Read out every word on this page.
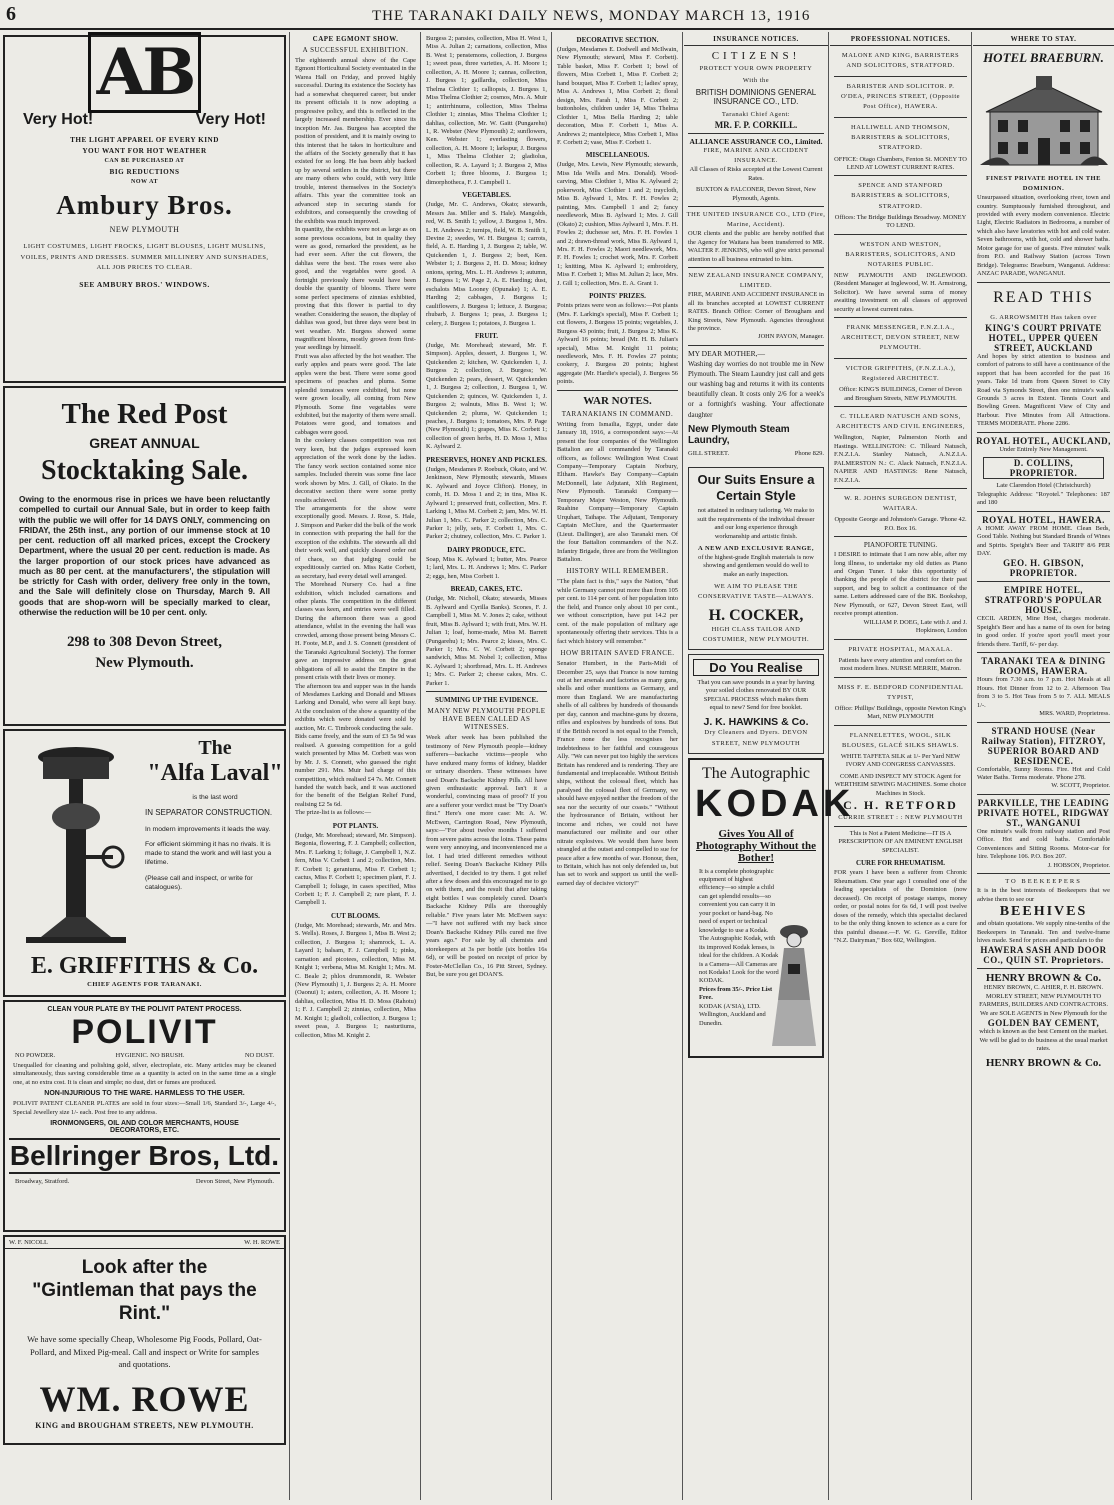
6	THE TARANAKI DAILY NEWS, MONDAY MARCH 13, 1916
AB
Very Hot!	Very Hot!
THE LIGHT APPAREL OF EVERY KIND
YOU WANT FOR HOT WEATHER
CAN BE PURCHASED AT
BIG REDUCTIONS
NOW AT
Ambury Bros.
NEW PLYMOUTH
LIGHT COSTUMES, LIGHT FROCKS, LIGHT BLOUSES, LIGHT MUSLINS, VOILES, PRINTS AND DRESSES. SUMMER MILLINERY AND SUNSHADES, ALL JOB PRICES TO CLEAR.
SEE AMBURY BROS.' WINDOWS.
The Red Post
GREAT ANNUAL
Stocktaking Sale.
Owing to the enormous rise in prices we have been reluctantly compelled to curtail our Annual Sale, but in order to keep faith with the public we will offer for 14 DAYS ONLY, commencing on FRIDAY, the 25th inst., any portion of our immense stock at 10 per cent. reduction off all marked prices, except the Crockery Department, where the usual 20 per cent. reduction is made. As the larger proportion of our stock prices have advanced as much as 80 per cent. at the manufacturers', the stipulation will be strictly for Cash with order, delivery free only in the town, and the Sale will definitely close on Thursday, March 9. All goods that are shop-worn will be specially marked to clear, otherwise the reduction will be 10 per cent. only.
298 to 308 Devon Street,
New Plymouth.
The
"Alfa Laval"
is the last word
IN SEPARATOR CONSTRUCTION.
In modern improvements it leads the way.
For efficient skimming it has no rivals. It is made to stand the work and will last you a lifetime.
(Please call and inspect, or write for catalogues).
E. GRIFFITHS & Co.
CHIEF AGENTS FOR TARANAKI.
CLEAN YOUR PLATE BY THE POLIVIT PATENT PROCESS.
POLIVIT
NO POWDER.	HYGIENIC. NO BRUSH.	NO DUST.
Unequalled for cleaning and polishing gold, silver, electroplate, etc. Many articles may be cleaned simultaneously, thus saving considerable time as a quantity is acted on in the same time as a single one, at no extra cost. It is clean and simple; no dust, dirt or fumes are produced.
NON-INJURIOUS TO THE WARE. HARMLESS TO THE USER.
POLIVIT PATENT CLEANER PLATES are sold in four sizes:—Small 1/6, Standard 3/-, Large 4/-, Special Jewellery size 1/- each. Post free to any address.
IRONMONGERS, OIL AND COLOR MERCHANTS, HOUSE DECORATORS, ETC.
Bellringer Bros, Ltd.
Broadway, Stratford.	Devon Street, New Plymouth.
W. F. NICOLL	W. H. ROWE
Look after the
"Gintleman that pays the Rint."
We have some specially Cheap, Wholesome Pig Foods, Pollard, Oat-Pollard, and Mixed Pig-meal. Call and inspect or Write for samples and quotations.
WM. ROWE
KING and BROUGHAM STREETS, NEW PLYMOUTH.
CAPE EGMONT SHOW.
A SUCCESSFUL EXHIBITION.
The eighteenth annual show of the Cape Egmont Horticultural Society eventuated in the Warea Hall on Friday, and proved highly successful. During its existence the Society has had a somewhat chequered career, but under its present officials it is now adopting a progressive policy, and this is reflected in the largely increased membership. Ever since its inception Mr. Jas. Burgess has accepted the position of president, and it is mainly owing to this interest that he takes in horticulture and the affairs of the Society generally that it has existed for so long. He has been ably backed up by several settlers in the district, but there are many others who could, with very little trouble, interest themselves in the Society's affairs. This year the committee took an advanced step in securing stands for exhibitors, and consequently the crowding of the exhibits was much improved.
In quantity, the exhibits were not as large as on some previous occasions, but in quality they were as good, remarked the president, as he had ever seen. After the cut flowers, the dahlias were the best. The roses were also good, and the vegetables were good. A fortnight previously there would have been double the quantity of blooms. There were some perfect specimens of zinnias exhibited, proving that this flower is partial to dry weather. Considering the season, the display of dahlias was good, but three days were best in wet weather. Mr. Burgess showed some magnificent blooms, mostly grown from first-year seedlings by himself.
Fruit was also affected by the hot weather. The early apples and pears were good. The late apples were the best. There were some good specimens of peaches and plums. Some splendid tomatoes were exhibited, but none were grown locally, all coming from New Plymouth. Some fine vegetables were exhibited, but the majority of them were small. Potatoes were good, and tomatoes and cabbages were good.
In the cookery classes competition was not very keen, but the judges expressed keen appreciation of the work done by the ladies. The fancy work section contained some nice samples. Included therein was some fine lace work shown by Mrs. J. Gill, of Okato. In the decorative section there were some pretty results achieved.
The arrangements for the show were exceptionally good. Messrs. J. Rose, S. Hale, J. Simpson and Parker did the bulk of the work in connection with preparing the hall for the exception of the exhibits. The stewards all did their work well, and quickly cleared order out of chaos, so that judging could be expeditiously carried on. Miss Katie Corbett, as secretary, had every detail well arranged.
The Morehead Nursery Co. had a fine exhibition, which included carnations and other plants. The competition in the different classes was keen, and entries were well filled. During the afternoon there was a good attendance, whilst in the evening the hall was crowded, among those present being Messrs C. H. Foote, M.P., and J. S. Connett (president of the Taranaki Agricultural Society). The former gave an impressive address on the great obligations of all to assist the Empire in the present crisis with their lives or money.
The afternoon tea and supper was in the hands of Mesdames Larking and Donald and Misses Larking and Donald, who were all kept busy. At the conclusion of the show a quantity of the exhibits which were donated were sold by auction, Mr. C. Timbrook conducting the sale.
Bids came freely, and the sum of £3 5s 9d was realised. A guessing competition for a gold watch presented by Miss M. Corbett was won by Mr. J. S. Connett, who guessed the right number 291. Mrs. Muir had charge of this competition, which realised £4 7s. Mr. Connett handed the watch back, and it was auctioned for the benefit of the Belgian Relief Fund, realising £2 5s 6d.
The prize-list is as follows:—
POT PLANTS.
(Judge, Mr. Morehead; steward, Mr. Simpson). Begonia, flowering, F. J. Campbell; collection, Mrs. F. Larking 1; foliage, J. Campbell 1, N.Z. fern, Miss V. Corbett 1 and 2; collection, Mrs. F. Corbett 1; geraniums, Miss F. Corbett 1; cactus, Miss F. Corbett 1; specimen plant, F. J. Campbell 1; foliage, in cases specified, Miss Corbett 1; F. J. Campbell 2; rare plant, F. J. Campbell 1.
CUT BLOOMS.
(Judge, Mr. Morehead; stewards, Mr. and Mrs. S. Wells). Roses, J. Burgess 1, Miss B. West 2; collection, J. Burgess 1; shamrock, L. A. Layard 1; balsam, F. J. Campbell 1; pinks, carnation and picotees, collection, Miss M. Knight 1; verbena, Miss M. Knight 1; Mrs. M. C. Beale 2; phlox drummondii, R. Webster (New Plymouth) 1, J. Burgess 2; A. H. Moore (Oaonui) 1; asters, collection, A. H. Moore 1; dahlias, collection, Miss H. D. Moss (Rahotu) 1; F. J. Campbell 2; zinnias, collection, Miss M. Knight 1; gladioli, collection, J. Burgess 1; sweet peas, J. Burgess 1; nasturtiums, collection, Miss M. Knight 2.
Burgess 2; pansies, collection, Miss H. West 1, Miss A. Julian 2; carnations, collection, Miss B. West 1; penstemons, collection, J. Burgess 1; sweet peas, three varieties, A. H. Moore 1; collection, A. H. Moore 1; cannas, collection, J. Burgess 1; gaillardia, collection, Miss Thelma Clothier 1; calliopsis, J. Burgess 1, Miss Thelma Clothier 2; cosmos, Mrs. A. Muir 1; antirrhinums, collection, Miss Thelma Clothier 1; zinnias, Miss Thelma Clothier 1; dahlias, collection, Mr. W. Gaitt (Pungarehu) 1, R. Webster (New Plymouth) 2; sunflowers, Ken. Webster 1; everlasting flowers, collection, A. H. Moore 1; larkspur, J. Burgess 1, Miss Thelma Clothier 2; gladiolus, collection, R. A. Layard 1; J. Burgess 2, Miss Corbett 1; three blooms, J. Burgess 1; dimorphotheca, F. J. Campbell 1.
VEGETABLES.
(Judge, Mr. C. Andrews, Okato; stewards, Messrs Jas. Miller and S. Hale). Mangolds, red, W. B. Smith 1; yellow, J. Burgess 1, Mrs. L. H. Andrews 2; turnips, field, W. B. Smith 1, Devine 2; swedes, W. H. Burgess 1; carrots, field, A. E. Harding 1, J. Burgess 2; table, W. Quickenden 1, J. Burgess 2; beet, Ken. Webster 1; J. Burgess 2, H. D. Moss; kidney onions, spring, Mrs. L. H. Andrews 1; autumn, J. Burgess 1; W. Page 2, A. E. Harding; dust, eschalots Miss Looney (Opunake) 1; A. E. Harding 2; cabbages, J. Burgess 1; cauliflowers, J. Burgess 1; lettuce, J. Burgess; rhubarb, J. Burgess 1; peas, J. Burgess 1; celery, J. Burgess 1; potatoes, J. Burgess 1.
FRUIT.
(Judge, Mr. Morehead; steward, Mr. F. Simpson). Apples, dessert, J. Burgess 1, W. Quickenden 2; kitchen, W. Quickenden 1, J. Burgess 2; collection, J. Burgess; W. Quickenden 2; pears, dessert, W. Quickenden 1, J. Burgess 2; collection, J. Burgess 1, W. Quickenden 2; quinces, W. Quickenden 1, J. Burgess 2; walnuts, Miss B. West 1; W. Quickenden 2; plums, W. Quickenden 1; peaches, J. Burgess 1; tomatoes, Mrs. P. Page (New Plymouth) 1; grapes, Miss K. Corbett 1; collection of green herbs, H. D. Moss 1, Miss K. Aylward 2.
PRESERVES, HONEY AND PICKLES.
(Judges, Mesdames P. Roebuck, Okato, and W. Jenkinson, New Plymouth; stewards, Misses K. Aylward and Joyce Clifton). Honey, in comb, H. D. Moss 1 and 2; in tins, Miss K. Aylward 1; preserved fruit, collection, Mrs. F. Larking 1, Miss M. Corbett 2; jam, Mrs. W. H. Julian 1, Mrs. C. Parker 2; collection, Mrs. C. Parker 1; jelly, sets, F. Corbett 1, Mrs. C. Parker 2; chutney, collection, Mrs. C. Parker 1.
DAIRY PRODUCE, ETC.
Soap, Miss K. Aylward 1; butter, Mrs. Pearce 1; lard, Mrs. L. H. Andrews 1; Mrs. C. Parker 2; eggs, hen, Miss Corbett 1.
BREAD, CAKES, ETC.
(Judge, Mr. Nicholl, Okato; stewards, Misses B. Aylward and Cyrilla Banks). Scones, F. J. Campbell 1, Miss M. V. Jones 2; cake, without fruit, Miss B. Aylward 1; with fruit, Mrs. W. H. Julian 1; loaf, home-made, Miss M. Barrett (Pungarehu) 1; Mrs. Pearce 2; kisses, Mrs. C. Parker 1; Mrs. C. W. Corbett 2; sponge sandwich, Miss M. Nobel 1; collection, Miss K. Aylward 1; shortbread, Mrs. L. H. Andrews 1; Mrs. C. Parker 2; cheese cakes, Mrs. C. Parker 1.
SUMMING UP THE EVIDENCE.
MANY NEW PLYMOUTH PEOPLE HAVE BEEN CALLED AS WITNESSES.
Week after week has been published the testimony of New Plymouth people—kidney sufferers—backache victims—people who have endured many forms of kidney, bladder or urinary disorders. These witnesses have used Doan's Backache Kidney Pills. All have given enthusiastic approval. Isn't it a wonderful, convincing mass of proof? If you are a sufferer your verdict must be "Try Doan's first." Here's one more case: Mr. A. W. McEwen, Carrington Road, New Plymouth, says:—"For about twelve months I suffered from severe pains across the loins. These pains were very annoying, and inconvenienced me a lot. I had tried different remedies without relief. Seeing Doan's Backache Kidney Pills advertised, I decided to try them. I got relief after a few doses and this encouraged me to go on with them, and the result that after taking eight bottles I was completely cured. Doan's Backache Kidney Pills are thoroughly reliable." Five years later Mr. McEwen says:—"I have not suffered with my back since Doan's Backache Kidney Pills cured me five years ago." For sale by all chemists and storekeepers at 3s per bottle (six bottles 16s 6d), or will be posted on receipt of price by Foster-McClellan Co., 16 Pitt Street, Sydney. But, be sure you get DOAN'S.
DECORATIVE SECTION.
(Judges, Mesdames E. Dodwell and McIlwain, New Plymouth; steward, Miss F. Corbett). Table basket, Miss F. Corbett 1; bowl of flowers, Miss Corbett 1, Miss F. Corbett 2; hand bouquet, Miss F. Corbett 1; ladies' spray, Miss A. Andrews 1, Miss Corbett 2; floral design, Mrs. Farah 1, Miss F. Corbett 2; buttonholes, children under 14, Miss Thelma Clothier 1, Miss Bella Harding 2; table decoration, Miss F. Corbett 1, Miss A. Andrews 2; mantelpiece, Miss Corbett 1, Miss F. Corbett 2; vase, Miss F. Corbett 1.
MISCELLANEOUS.
(Judge, Mrs. Lewis, New Plymouth; stewards, Miss Ida Wells and Mrs. Donald). Wood-carving, Miss Clothier 1, Miss K. Aylward 2; pokerwork, Miss Clothier 1 and 2; traycloth, Miss B. Aylward 1, Mrs. F. H. Fowles 2; painting, Mrs. Campbell 1 and 2; fancy needlework, Miss B. Aylward 1; Mrs. J. Gill (Okato) 2; cushion, Miss Aylward 1, Mrs. F. H. Fowles 2; duchesse set, Mrs. F. H. Fowles 1 and 2; drawn-thread work, Miss B. Aylward 1, Mrs. F. H. Fowles 2; Maori needlework, Mrs. F. H. Fowles 1; crochet work, Mrs. F. Corbett 1; knitting, Miss K. Aylward 1; embroidery, Miss F. Corbett 1; Miss M. Julian 2; lace, Mrs. J. Gill 1; collection, Mrs. E. A. Grant 1.
POINTS' PRIZES.
Points prizes were won as follows:—Pot plants (Mrs. F. Larking's special), Miss F. Corbett 1; cut flowers, J. Burgess 15 points; vegetables, J. Burgess 43 points; fruit, J. Burgess 2; Miss K. Aylward 16 points; bread (Mr. H. B. Julian's special), Miss M. Knight 11 points; needlework, Mrs. F. H. Fowles 27 points; cookery, J. Burgess 20 points; highest aggregate (Mr. Hardie's special), J. Burgess 56 points.
WAR NOTES.
TARANAKIANS IN COMMAND.
Writing from Ismailia, Egypt, under date January 18, 1916, a correspondent says:—At present the four companies of the Wellington Battalion are all commanded by Taranaki officers, as follows: Wellington West Coast Company—Temporary Captain Norbury, Eltham. Hawke's Bay Company—Captain McDonnell, late Adjutant, Xlth Regiment, New Plymouth. Taranaki Company—Temporary Major Weston, New Plymouth. Ruahine Company—Temporary Captain Urquhart, Taihape. The Adjutant, Temporary Captain McClure, and the Quartermaster (Lieut. Dallinger), are also Taranaki men. Of the four Battalion commanders of the N.Z. Infantry Brigade, three are from the Wellington Battalion.
HISTORY WILL REMEMBER.
"The plain fact is this," says the Nation, "that while Germany cannot put more than from 105 per cent. to 114 per cent. of her population into the field, and France only about 10 per cent., we without conscription, have put 14.2 per cent. of the male population of military age spontaneously offering their services. This is a fact which history will remember."
HOW BRITAIN SAVED FRANCE.
Senator Humbert, in the Paris-Midi of December 25, says that France is now turning out at her arsenals and factories as many guns, shells and other munitions as Germany, and more than England. We are manufacturing shells of all calibres by hundreds of thousands per day, cannon and machine-guns by dozens, rifles and explosives by hundreds of tons. But if the British record is not equal to the French, France none the less recognises her indebtedness to her faithful and courageous Ally. "We can never put too highly the services Britain has rendered and is rendering. They are fundamental and irreplaceable. Without British ships, without the colossal fleet, which has paralysed the colossal fleet of Germany, we should have enjoyed neither the freedom of the sea nor the security of our coasts." "Without the hydrosurance of Britain, without her income and riches, we could not have manufactured our mélinite and our other nitrate explosives. We would then have been strangled at the outset and compelled to sue for peace after a few months of war. Honour, then, to Britain, which has not only defended us, but has set to work and support us until the well-earned day of decisive victory!"
INSURANCE NOTICES.
CITIZENS!
PROTECT YOUR OWN PROPERTY
With the
BRITISH DOMINIONS GENERAL INSURANCE CO., LTD.
Taranaki Chief Agent:
MR. F. P. CORKILL.
ALLIANCE ASSURANCE CO., Limited.
FIRE, MARINE AND ACCIDENT INSURANCE.
All Classes of Risks accepted at the Lowest Current Rates.
BUXTON & FALCONER, Devon Street, New Plymouth, Agents.
THE UNITED INSURANCE CO., LTD (Fire, Marine, Accident).
OUR clients and the public are hereby notified that the Agency for Waitara has been transferred to MR. WALTER F. JENKINS, who will give strict personal attention to all business entrusted to him.
NEW ZEALAND INSURANCE COMPANY, LIMITED.
FIRE, MARINE AND ACCIDENT INSURANCE in all its branches accepted at LOWEST CURRENT RATES. Branch Office: Corner of Brougham and King Streets, New Plymouth. Agencies throughout the province.
JOHN PAYON, Manager.
MY DEAR MOTHER,—
Washing day worries do not trouble me in New Plymouth. The Steam Laundry just call and gets our washing bag and returns it with its contents beautifully clean. It costs only 2/6 for a week's or a fortnight's washing. Your affectionate daughter
New Plymouth Steam Laundry,
GILL STREET.	Phone 829.
Our Suits Ensure a Certain Style
not attained in ordinary tailoring. We make to suit the requirements of the individual dresser and our long experience through workmanship and artistic finish.
A NEW AND EXCLUSIVE RANGE,
of the highest-grade English materials is now showing and gentlemen would do well to make an early inspection.
WE AIM TO PLEASE THE CONSERVATIVE TASTE—ALWAYS.
H. COCKER,
HIGH CLASS TAILOR AND COSTUMIER, NEW PLYMOUTH.
Do You Realise
That you can save pounds in a year by having your soiled clothes renovated BY OUR SPECIAL PROCESS which makes them equal to new? Send for free booklet.
J. K. HAWKINS & Co.
Dry Cleaners and Dyers. DEVON STREET, NEW PLYMOUTH
The Autographic
KODAK
Gives You All of Photography Without the Bother!
It is a complete photographic equipment of highest efficiency—so simple a child can get splendid results—so convenient you can carry it in your pocket or hand-bag. No need of expert or technical knowledge to use a Kodak. The Autographic Kodak, with its improved Kodak lenses, is ideal for the children. A Kodak is a Camera—All Cameras are not Kodaks! Look for the word KODAK.
Prices from 35/-. Price List Free.
KODAK (A'SIA), LTD. Wellington, Auckland and Dunedin.
PROFESSIONAL NOTICES.
MALONE AND KING, BARRISTERS AND SOLICITORS, STRATFORD.
BARRISTER AND SOLICITOR. P. O'DEA, PRINCES STREET, (Opposite Post Office), HAWERA.
HALLIWELL AND THOMSON, BARRISTERS & SOLICITORS, STRATFORD.
OFFICE: Otago Chambers, Fenton St. MONEY TO LEND AT LOWEST CURRENT RATES.
SPENCE AND STANFORD BARRISTERS & SOLICITORS, STRATFORD.
Offices: The Bridge Buildings Broadway. MONEY TO LEND.
WESTON AND WESTON, BARRISTERS, SOLICITORS, AND NOTARIES PUBLIC.
NEW PLYMOUTH AND INGLEWOOD. (Resident Manager at Inglewood, W. H. Armstrong, Solicitor). We have several sums of money awaiting investment on all classes of approved security at lowest current rates.
FRANK MESSENGER, F.N.Z.I.A., ARCHITECT, DEVON STREET, NEW PLYMOUTH.
VICTOR GRIFFITHS, (F.N.Z.I.A.), Registered ARCHITECT.
Office: KING'S BUILDINGS, Corner of Devon and Brougham Streets, NEW PLYMOUTH.
C. TILLEARD NATUSCH AND SONS, ARCHITECTS AND CIVIL ENGINEERS,
Wellington, Napier, Palmerston North and Hastings. WELLINGTON: C. Tilleard Natusch, F.N.Z.I.A. Stanley Natusch, A.N.Z.I.A. PALMERSTON N.: C. Alack Natusch, F.N.Z.I.A. NAPIER AND HASTINGS: Rene Natusch, F.N.Z.I.A.
W. R. JOHNS SURGEON DENTIST, WAITARA.
Opposite George and Johnston's Garage. 'Phone 42. P.O. Box 16.
PIANOFORTE TUNING.
I DESIRE to intimate that I am now able, after my long illness, to undertake my old duties as Piano and Organ Tuner. I take this opportunity of thanking the people of the district for their past support, and beg to solicit a continuance of the same. Letters addressed care of the BK. Bookshop, New Plymouth, or 627, Devon Street East, will receive prompt attention.
WILLIAM P. DOEG, Late with J. and J. Hopkinson, London
PRIVATE HOSPITAL, MAXALA.
Patients have every attention and comfort on the most modern lines. NURSE MERRIE, Matron.
MISS F. E. BEDFORD CONFIDENTIAL TYPIST,
Office: Phillips' Buildings, opposite Newton King's Mart, NEW PLYMOUTH
FLANNELETTES, WOOL, SILK BLOUSES, GLACÉ SILKS SHAWLS.
WHITE TAFFETA SILK at 1/- Per Yard NEW IVORY AND CONGRESS CANVASSES.
COME AND INSPECT MY STOCK Agent for WERTHEIM SEWING MACHINES. Some choice Machines in Stock.
C. H. RETFORD
CURRIE STREET : : NEW PLYMOUTH
This is Not a Patent Medicine—IT IS A PRESCRIPTION OF AN EMINENT ENGLISH SPECIALIST.
CURE FOR RHEUMATISM.
FOR years I have been a sufferer from Chronic Rheumatism. One year ago I consulted one of the leading specialists of the Dominion (now deceased). On receipt of postage stamps, money order, or postal notes for 6s 6d, I will post twelve doses of the remedy, which this specialist declared to be the only thing known to science as a cure for this painful disease.—F. W. G. Greville, Editor "N.Z. Dairyman," Box 602, Wellington.
WHERE TO STAY.
HOTEL BRAEBURN.
FINEST PRIVATE HOTEL IN THE DOMINION.
Unsurpassed situation, overlooking river, town and country. Sumptuously furnished throughout, and provided with every modern convenience. Electric Light, Electric Radiators in Bedrooms, a number of which also have lavatories with hot and cold water. Seven bathrooms, with hot, cold and shower baths. Motor garage for use of guests. Five minutes' walk from P.O. and Railway Station (across Town Bridge). Telegrams: Braeburn, Wanganui. Address: ANZAC PARADE, WANGANUI.
READ THIS
G. ARROWSMITH Has taken over
KING'S COURT PRIVATE HOTEL, UPPER QUEEN STREET, AUCKLAND
And hopes by strict attention to business and comfort of patrons to still have a continuance of the support that has been accorded for the past 16 years. Take 1d tram from Queen Street to City Road via Symonds Street, then one minute's walk. Grounds 3 acres in Extent. Tennis Court and Bowling Green. Magnificent View of City and Harbour. Five Minutes from All Attractions. TERMS MODERATE. Phone 2286.
ROYAL HOTEL, AUCKLAND,
Under Entirely New Management.
D. COLLINS, PROPRIETOR.
Late Clarendon Hotel (Christchurch)
Telegraphic Address: "Royotel." Telephones: 187 and 180
ROYAL HOTEL, HAWERA.
A HOME AWAY FROM HOME. Clean Beds, Good Table. Nothing but Standard Brands of Wines and Spirits. Speight's Beer and TARIFF 8/6 PER DAY.
GEO. H. GIBSON, PROPRIETOR.
EMPIRE HOTEL, STRATFORD'S POPULAR HOUSE.
CECIL ARDEN, Mine Host, charges moderate. Speight's Beer and has a name of its own for being in good order. If you're sport you'll meet your friends there. Tariff, 6/- per day.
TARANAKI TEA & DINING ROOMS, HAWERA.
Hours from 7.30 a.m. to 7 p.m. Hot Meals at all Hours. Hot Dinner from 12 to 2. Afternoon Tea from 3 to 5. Hot Teas from 5 to 7. ALL MEALS 1/-.
MRS. WARD, Proprietress.
STRAND HOUSE (Near Railway Station), FITZROY, SUPERIOR BOARD AND RESIDENCE.
Comfortable, Sunny Rooms. Fire. Hot and Cold Water Baths. Terms moderate. 'Phone 278.
W. SCOTT, Proprietor.
PARKVILLE, THE LEADING PRIVATE HOTEL, RIDGWAY ST., WANGANUI
One minute's walk from railway station and Post Office. Hot and cold baths. Comfortable Conveniences and Sitting Rooms. Motor-car for hire. Telephone 106. P.O. Box 207.
J. HOBSON, Proprietor.
TO BEEKEEPERS
It is in the best interests of Beekeepers that we advise them to see our
BEEHIVES
and obtain quotations. We supply nine-tenths of the Beekeepers in Taranaki. Ten and twelve-frame hives made. Send for prices and particulars to the
HAWERA SASH AND DOOR CO., QUIN ST. Proprietors.
HENRY BROWN & Co.
HENRY BROWN, C. AHIER, F. H. BROWN. MORLEY STREET, NEW PLYMOUTH TO FARMERS, BUILDERS AND CONTRACTORS.
We are SOLE AGENTS in New Plymouth for the
GOLDEN BAY CEMENT,
which is known as the best Cement on the market. We will be glad to do business at the usual market rates.
HENRY BROWN & Co.
